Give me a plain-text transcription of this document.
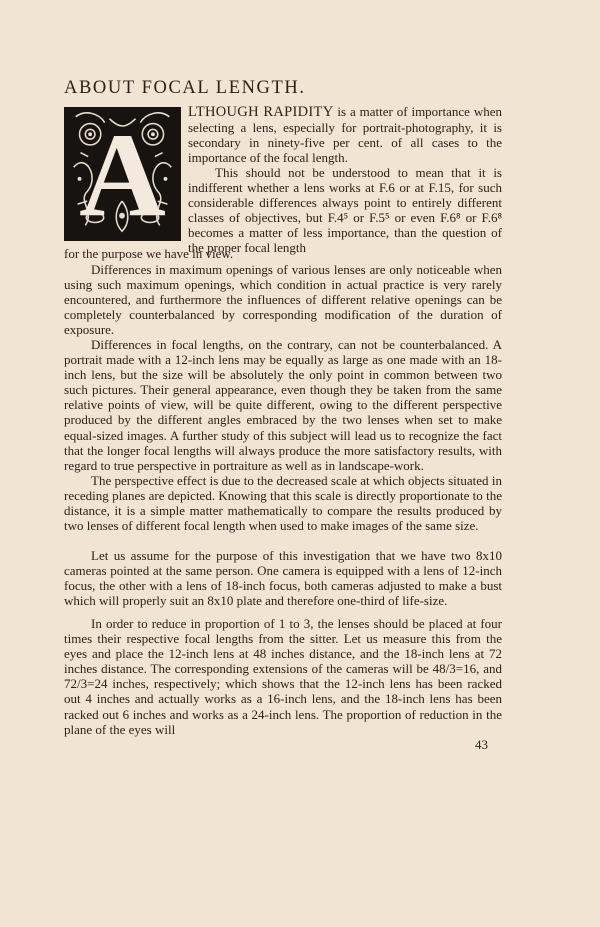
ABOUT FOCAL LENGTH.
A	LTHOUGH RAPIDITY is a matter of importance when selecting a lens, especially for portrait-photography, it is secondary in ninety-five per cent. of all cases to the importance of the focal length.

This should not be understood to mean that it is indifferent whether a lens works at F.6 or at F.15, for such considerable differences always point to entirely different classes of objectives, but F.4⁵ or F.5⁵ or even F.6⁸ or F.6⁸ becomes a matter of less importance, than the question of the proper focal length

for the purpose we have in view.

Differences in maximum openings of various lenses are only noticeable when using such maximum openings, which condition in actual practice is very rarely encountered, and furthermore the influences of different relative openings can be completely counterbalanced by corresponding modification of the duration of exposure.

Differences in focal lengths, on the contrary, can not be counterbalanced. A portrait made with a 12-inch lens may be equally as large as one made with an 18-inch lens, but the size will be absolutely the only point in common between two such pictures. Their general appearance, even though they be taken from the same relative points of view, will be quite different, owing to the different perspective produced by the different angles embraced by the two lenses when set to make equal-sized images. A further study of this subject will lead us to recognize the fact that the longer focal lengths will always produce the more satisfactory results, with regard to true perspective in portraiture as well as in landscape-work.

The perspective effect is due to the decreased scale at which objects situated in receding planes are depicted. Knowing that this scale is directly proportionate to the distance, it is a simple matter mathematically to compare the results produced by two lenses of different focal length when used to make images of the same size.

Let us assume for the purpose of this investigation that we have two 8x10 cameras pointed at the same person. One camera is equipped with a lens of 12-inch focus, the other with a lens of 18-inch focus, both cameras adjusted to make a bust which will properly suit an 8x10 plate and therefore one-third of life-size.

In order to reduce in proportion of 1 to 3, the lenses should be placed at four times their respective focal lengths from the sitter. Let us measure this from the eyes and place the 12-inch lens at 48 inches distance, and the 18-inch lens at 72 inches distance. The corresponding extensions of the cameras will be 48/3=16, and 72/3=24 inches, respectively; which shows that the 12-inch lens has been racked out 4 inches and actually works as a 16-inch lens, and the 18-inch lens has been racked out 6 inches and works as a 24-inch lens. The proportion of reduction in the plane of the eyes will

43
